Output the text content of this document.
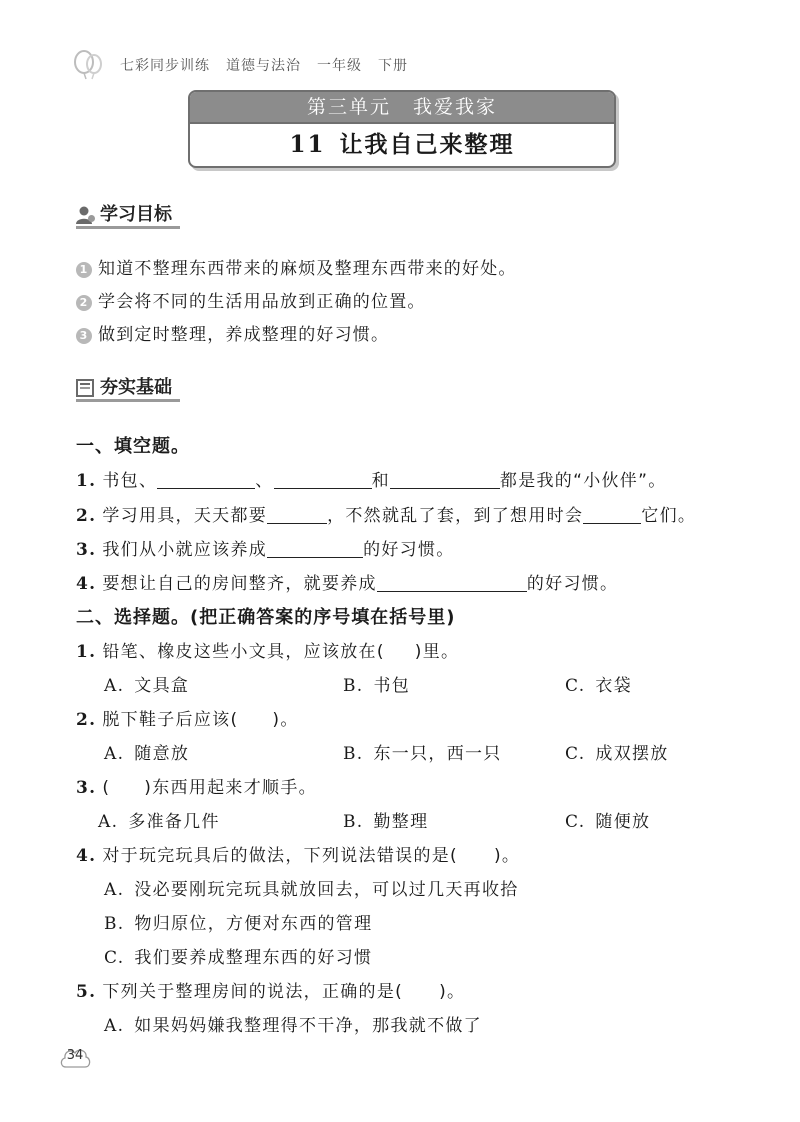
七彩同步训练 道德与法治 一年级 下册
第三单元 我爱我家
11 让我自己来整理
学习目标
1 知道不整理东西带来的麻烦及整理东西带来的好处。
2 学会将不同的生活用品放到正确的位置。
3 做到定时整理，养成整理的好习惯。
夯实基础
一、填空题。
1. 书包、	、	和	都是我的“小伙伴”。
2. 学习用具，天天都要	，不然就乱了套，到了想用时会	它们。
3. 我们从小就应该养成	的好习惯。
4. 要想让自己的房间整齐，就要养成	的好习惯。
二、选择题。(把正确答案的序号填在括号里)
1. 铅笔、橡皮这些小文具，应该放在( )里。
A. 文具盒	B. 书包	C. 衣袋
2. 脱下鞋子后应该( )。
A. 随意放	B. 东一只，西一只	C. 成双摆放
3. ( )东西用起来才顺手。
A. 多准备几件	B. 勤整理	C. 随便放
4. 对于玩完玩具后的做法，下列说法错误的是( )。
A. 没必要刚玩完玩具就放回去，可以过几天再收拾
B. 物归原位，方便对东西的管理
C. 我们要养成整理东西的好习惯
5. 下列关于整理房间的说法，正确的是( )。
A. 如果妈妈嫌我整理得不干净，那我就不做了
34
